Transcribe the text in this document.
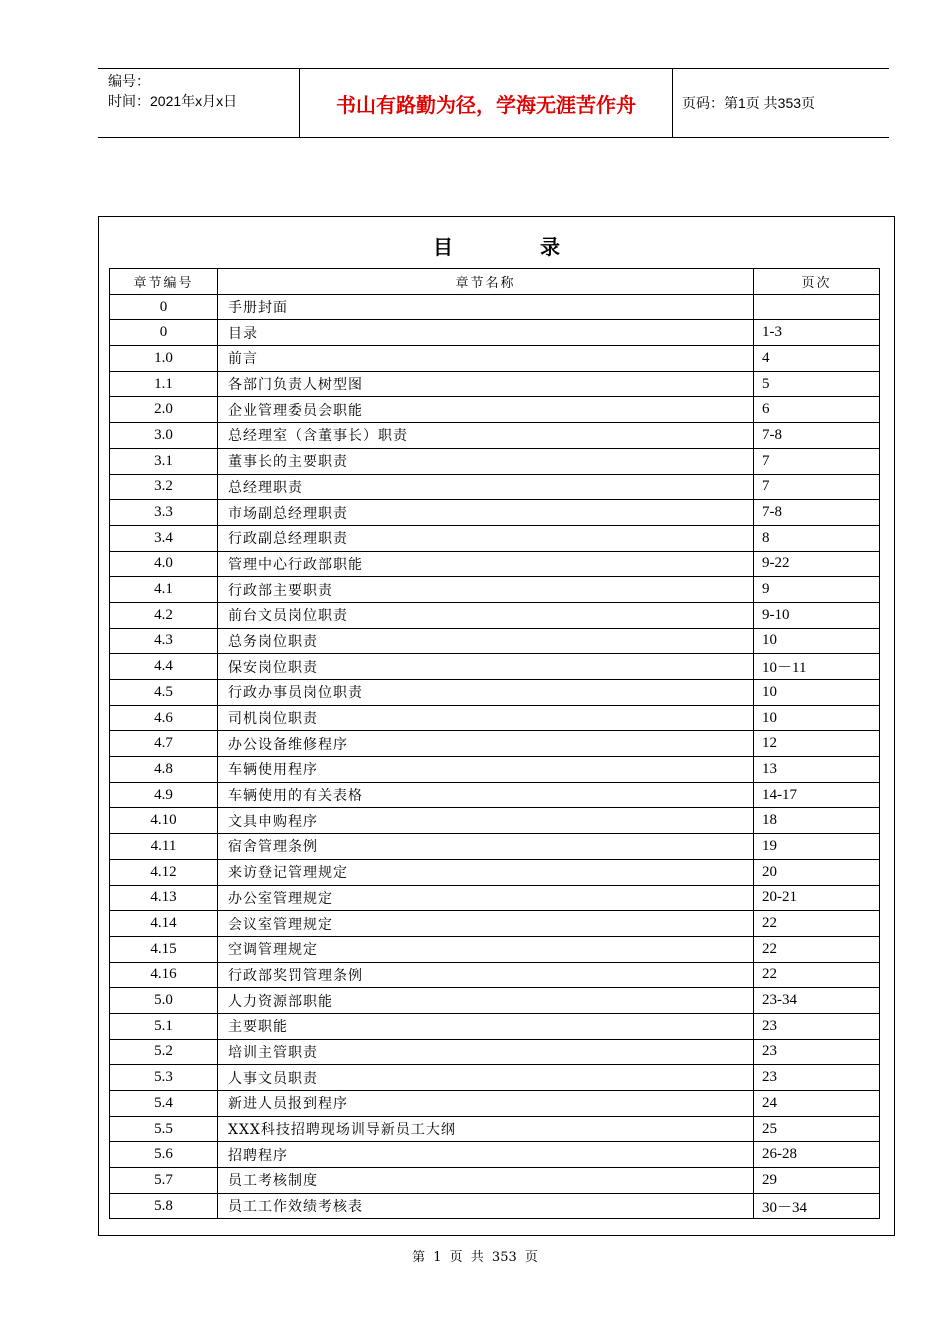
编号：
时间：2021年x月x日	书山有路勤为径，学海无涯苦作舟	页码：第1页 共353页
目 录
章节编号	章节名称	页次
0	手册封面	
0	目录	1-3
1.0	前言	4
1.1	各部门负责人树型图	5
2.0	企业管理委员会职能	6
3.0	总经理室（含董事长）职责	7-8
3.1	董事长的主要职责	7
3.2	总经理职责	7
3.3	市场副总经理职责	7-8
3.4	行政副总经理职责	8
4.0	管理中心行政部职能	9-22
4.1	行政部主要职责	9
4.2	前台文员岗位职责	9-10
4.3	总务岗位职责	10
4.4	保安岗位职责	10－11
4.5	行政办事员岗位职责	10
4.6	司机岗位职责	10
4.7	办公设备维修程序	12
4.8	车辆使用程序	13
4.9	车辆使用的有关表格	14-17
4.10	文具申购程序	18
4.11	宿舍管理条例	19
4.12	来访登记管理规定	20
4.13	办公室管理规定	20-21
4.14	会议室管理规定	22
4.15	空调管理规定	22
4.16	行政部奖罚管理条例	22
5.0	人力资源部职能	23-34
5.1	主要职能	23
5.2	培训主管职责	23
5.3	人事文员职责	23
5.4	新进人员报到程序	24
5.5	XXX科技招聘现场训导新员工大纲	25
5.6	招聘程序	26-28
5.7	员工考核制度	29
5.8	员工工作效绩考核表	30－34
第 1 页 共 353 页
